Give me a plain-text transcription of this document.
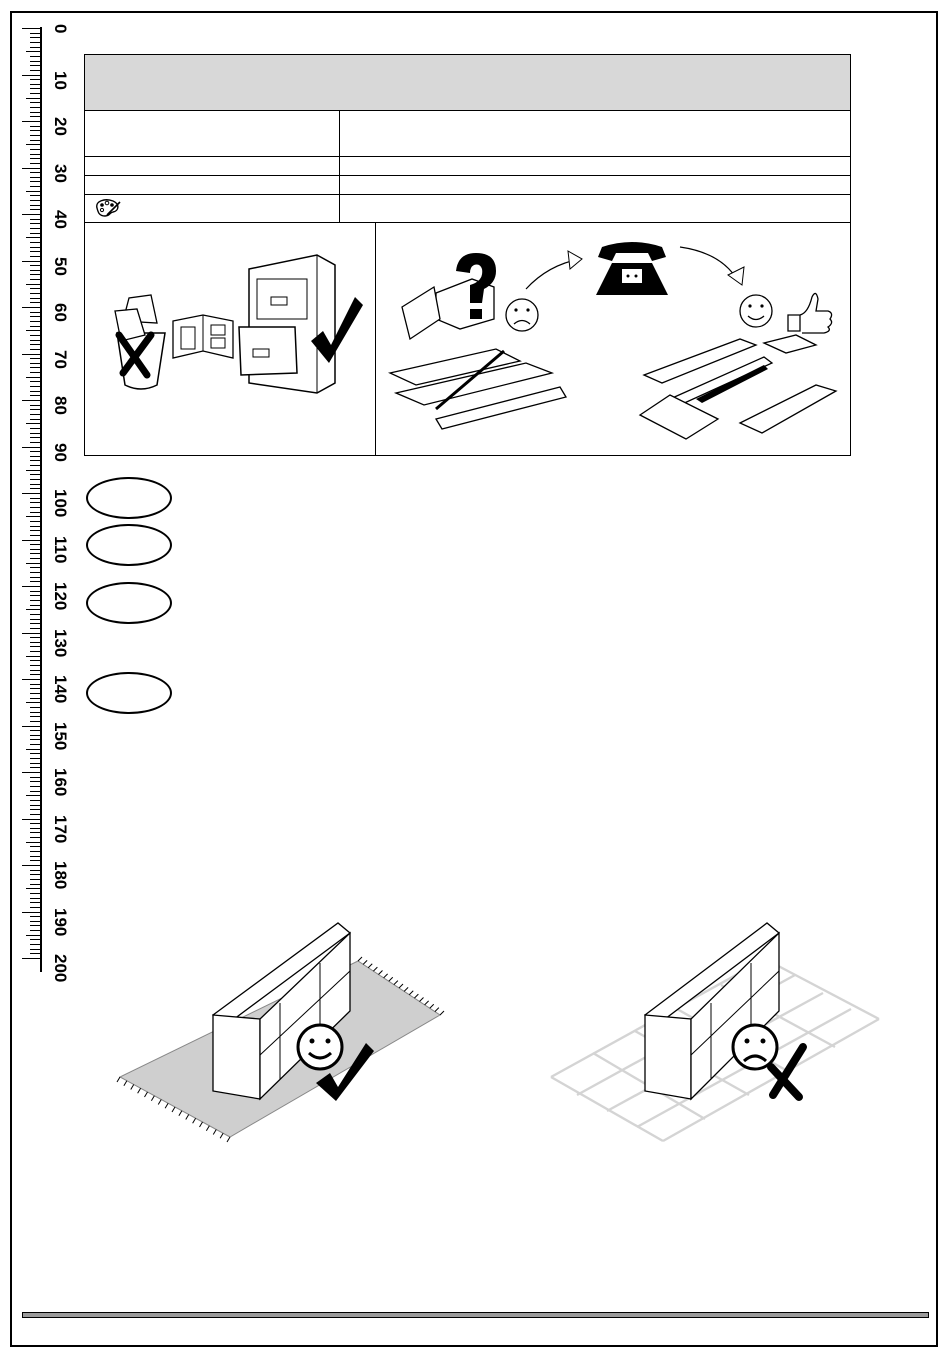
0
10
20
30
40
50
60
70
80
90
100
110
120
130
140
150
160
170
180
190
200
